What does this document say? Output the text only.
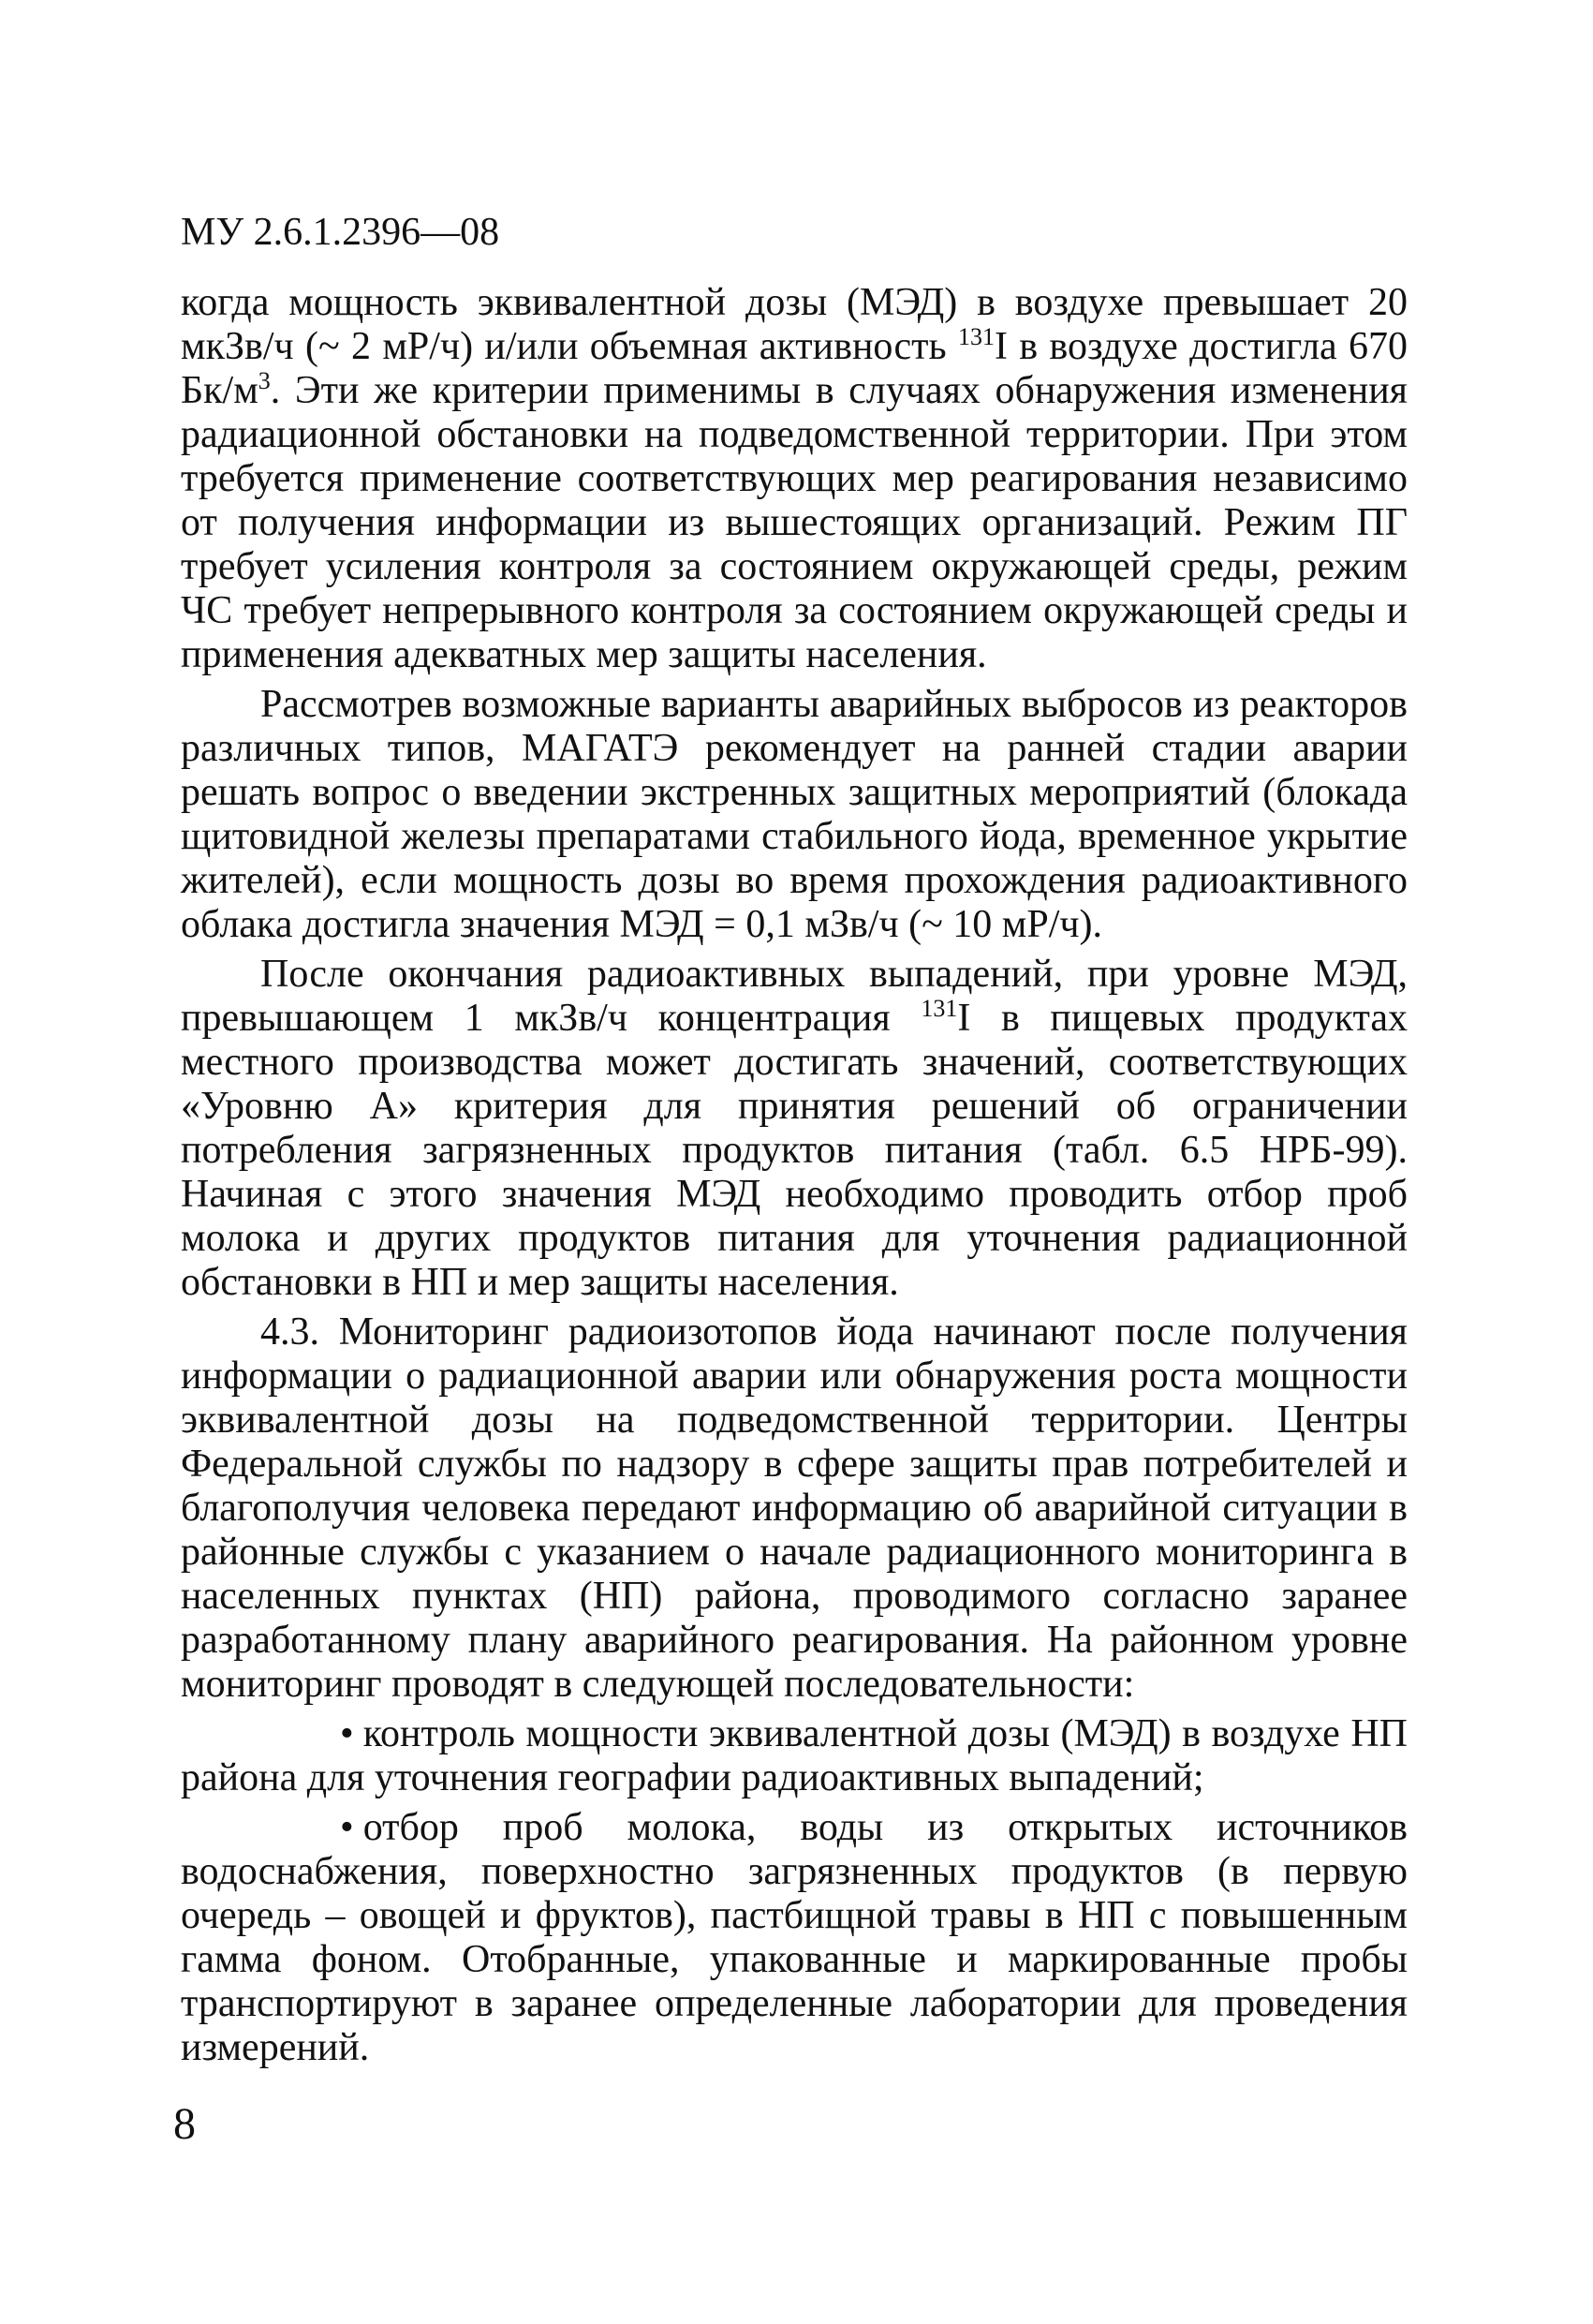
МУ 2.6.1.2396—08

когда мощность эквивалентной дозы (МЭД) в воздухе превышает 20 мкЗв/ч (~ 2 мР/ч) и/или объемная активность $^{131}$I в воздухе достигла 670 $Бк/м^3$. Эти же критерии применимы в случаях обнаружения изменения радиационной обстановки на подведомственной территории. При этом требуется применение соответствующих мер реагирования независимо от получения информации из вышестоящих организаций. Режим ПГ требует усиления контроля за состоянием окружающей среды, режим ЧС требует непрерывного контроля за состоянием окружающей среды и применения адекватных мер защиты населения.

Рассмотрев возможные варианты аварийных выбросов из реакторов различных типов, МАГАТЭ рекомендует на ранней стадии аварии решать вопрос о введении экстренных защитных мероприятий (блокада щитовидной железы препаратами стабильного йода, временное укрытие жителей), если мощность дозы во время прохождения радиоактивного облака достигла значения МЭД = 0,1 мЗв/ч (~ 10 мР/ч).

После окончания радиоактивных выпадений, при уровне МЭД, превышающем 1 мкЗв/ч концентрация $^{131}$I в пищевых продуктах местного производства может достигать значений, соответствующих «Уровню А» критерия для принятия решений об ограничении потребления загрязненных продуктов питания (табл. 6.5 НРБ-99). Начиная с этого значения МЭД необходимо проводить отбор проб молока и других продуктов питания для уточнения радиационной обстановки в НП и мер защиты населения.

4.3. Мониторинг радиоизотопов йода начинают после получения информации о радиационной аварии или обнаружения роста мощности эквивалентной дозы на подведомственной территории. Центры Федеральной службы по надзору в сфере защиты прав потребителей и благополучия человека передают информацию об аварийной ситуации в районные службы с указанием о начале радиационного мониторинга в населенных пунктах (НП) района, проводимого согласно заранее разработанному плану аварийного реагирования. На районном уровне мониторинг проводят в следующей последовательности:

• контроль мощности эквивалентной дозы (МЭД) в воздухе НП района для уточнения географии радиоактивных выпадений;

• отбор проб молока, воды из открытых источников водоснабжения, поверхностно загрязненных продуктов (в первую очередь – овощей и фруктов), пастбищной травы в НП с повышенным гамма фоном. Отобранные, упакованные и маркированные пробы транспортируют в заранее определенные лаборатории для проведения измерений.

8
